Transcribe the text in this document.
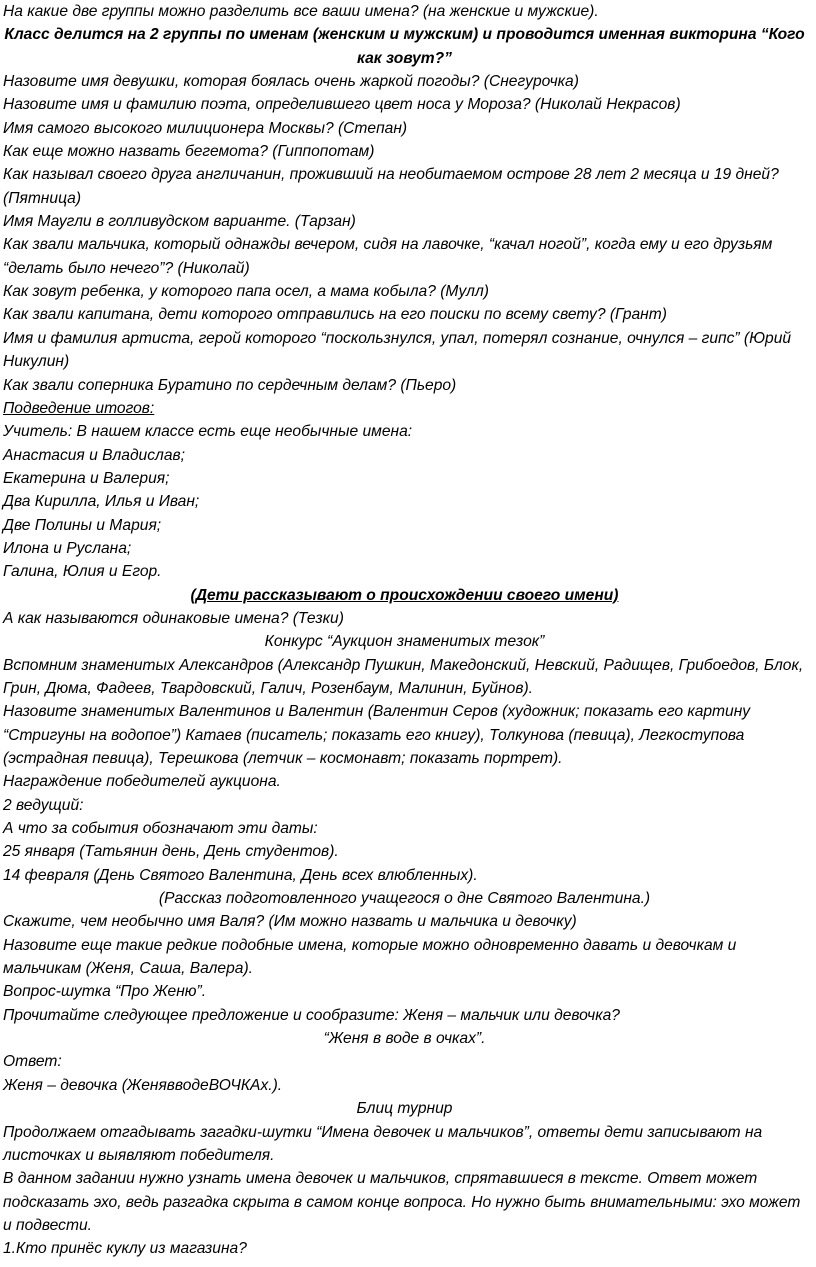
На какие две группы можно разделить все ваши имена? (на женские и мужские).

Класс делится на 2 группы по именам (женским и мужским) и проводится именная викторина “Кого как зовут?”

Назовите имя девушки, которая боялась очень жаркой погоды? (Снегурочка)

Назовите имя и фамилию поэта, определившего цвет носа у Мороза? (Николай Некрасов)

Имя самого высокого милиционера Москвы? (Степан)

Как еще можно назвать бегемота? (Гиппопотам)

Как называл своего друга англичанин, проживший на необитаемом острове 28 лет 2 месяца и 19 дней? (Пятница)

Имя Маугли в голливудском варианте. (Тарзан)

Как звали мальчика, который однажды вечером, сидя на лавочке, “качал ногой”, когда ему и его друзьям “делать было нечего”? (Николай)

Как зовут ребенка, у которого папа осел, а мама кобыла? (Мулл)

Как звали капитана, дети которого отправились на его поиски по всему свету? (Грант)

Имя и фамилия артиста, герой которого “поскользнулся, упал, потерял сознание, очнулся – гипс” (Юрий Никулин)

Как звали соперника Буратино по сердечным делам? (Пьеро)

Подведение итогов:

Учитель: В нашем классе есть еще необычные имена:

Анастасия и Владислав;

Екатерина и Валерия;

Два Кирилла, Илья и Иван;

Две Полины и Мария;

Илона и Руслана;

Галина, Юлия и Егор.

(Дети рассказывают о происхождении своего имени)

А как называются одинаковые имена? (Тезки)

Конкурс “Аукцион знаменитых тезок”

Вспомним знаменитых Александров (Александр Пушкин, Македонский, Невский, Радищев, Грибоедов, Блок, Грин, Дюма, Фадеев, Твардовский, Галич, Розенбаум, Малинин, Буйнов).

Назовите знаменитых Валентинов и Валентин (Валентин Серов (художник; показать его картину “Стригуны на водопое”) Катаев (писатель; показать его книгу), Толкунова (певица), Легкоступова (эстрадная певица), Терешкова (летчик – космонавт; показать портрет).

Награждение победителей аукциона.

2 ведущий:

А что за события обозначают эти даты:

25 января (Татьянин день, День студентов).

14 февраля (День Святого Валентина, День всех влюбленных).

(Рассказ подготовленного учащегося о дне Святого Валентина.)

Скажите, чем необычно имя Валя? (Им можно назвать и мальчика и девочку)

Назовите еще такие редкие подобные имена, которые можно одновременно давать и девочкам и мальчикам (Женя, Саша, Валера).

Вопрос-шутка “Про Женю”.

Прочитайте следующее предложение и сообразите: Женя – мальчик или девочка?

“Женя в воде в очках”.

Ответ:

Женя – девочка (ЖенявводеВОЧКАх.).

Блиц турнир

Продолжаем отгадывать загадки-шутки “Имена девочек и мальчиков”, ответы дети записывают на листочках и выявляют победителя.

В данном задании нужно узнать имена девочек и мальчиков, спрятавшиеся в тексте. Ответ может подсказать эхо, ведь разгадка скрыта в самом конце вопроса. Но нужно быть внимательными: эхо может и подвести.

1.Кто принёс куклу из магазина?
